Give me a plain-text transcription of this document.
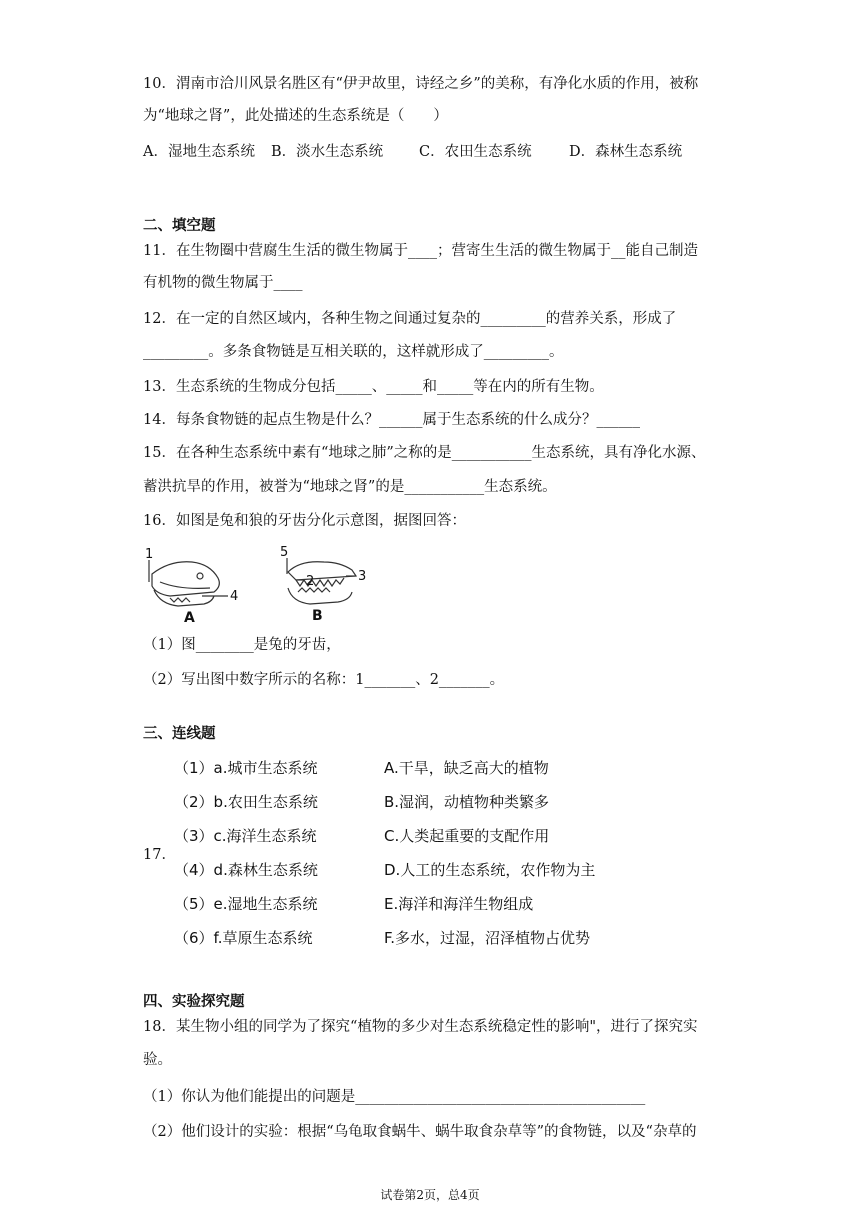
10．渭南市洽川风景名胜区有“伊尹故里，诗经之乡”的美称，有净化水质的作用，被称
为“地球之肾”，此处描述的生态系统是（　　）
A．湿地生态系统 B．淡水生态系统 C．农田生态系统	D．森林生态系统
二、填空题
11．在生物圈中营腐生生活的微生物属于____；营寄生生活的微生物属于__能自己制造
有机物的微生物属于____
12．在一定的自然区域内，各种生物之间通过复杂的_________的营养关系，形成了
_________。多条食物链是互相关联的，这样就形成了_________。
13．生态系统的生物成分包括_____、_____和_____等在内的所有生物。
14．每条食物链的起点生物是什么？______属于生态系统的什么成分？______
15．在各种生态系统中素有“地球之肺”之称的是___________生态系统，具有净化水源、
蓄洪抗旱的作用，被誉为“地球之肾”的是___________生态系统。
16．如图是兔和狼的牙齿分化示意图，据图回答：
1
4
A
5
2	3
B
（1）图________是兔的牙齿，
（2）写出图中数字所示的名称：1_______、2_______。
三、连线题
17．
（1）a.城市生态系统
（2）b.农田生态系统
（3）c.海洋生态系统
（4）d.森林生态系统
（5）e.湿地生态系统
（6）f.草原生态系统
A.干旱，缺乏高大的植物
B.湿润，动植物种类繁多
C.人类起重要的支配作用
D.人工的生态系统，农作物为主
E.海洋和海洋生物组成
F.多水，过湿，沼泽植物占优势
四、实验探究题
18．某生物小组的同学为了探究“植物的多少对生态系统稳定性的影响"，进行了探究实
验。
（1）你认为他们能提出的问题是________________________________________
（2）他们设计的实验：根据“乌龟取食蜗牛、蜗牛取食杂草等”的食物链，以及“杂草的
试卷第2页，总4页
